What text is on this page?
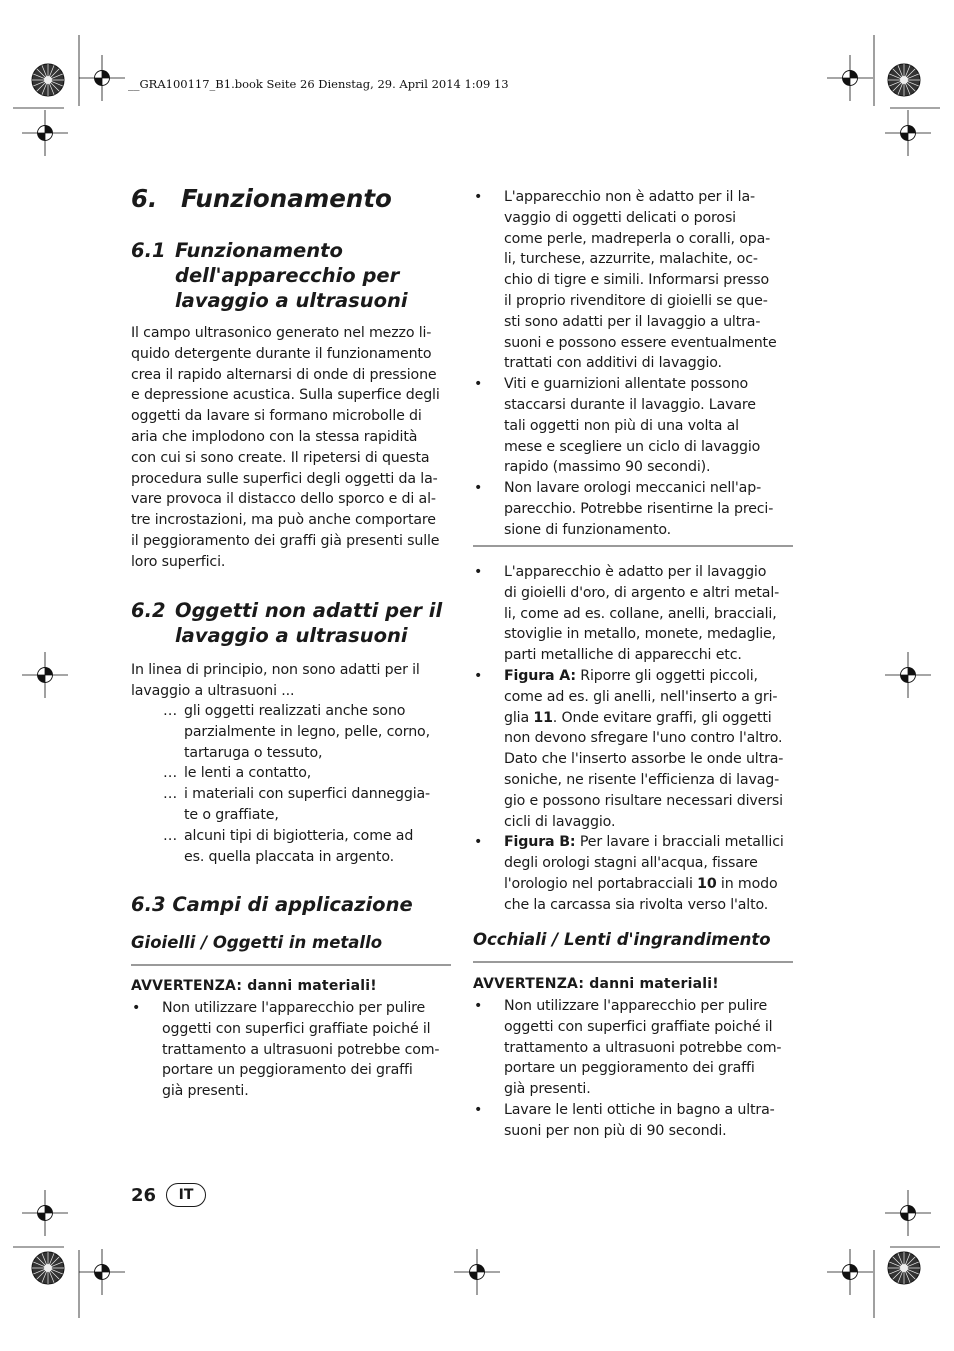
__GRA100117_B1.book Seite 26 Dienstag, 29. April 2014 1:09 13
6. Funzionamento
6.1 Funzionamento dell'apparecchio per lavaggio a ultrasuoni
Il campo ultrasonico generato nel mezzo li-
quido detergente durante il funzionamento
crea il rapido alternarsi di onde di pressione
e depressione acustica. Sulla superfice degli
oggetti da lavare si formano microbolle di
aria che implodono con la stessa rapidità
con cui si sono create. Il ripetersi di questa
procedura sulle superfici degli oggetti da la-
vare provoca il distacco dello sporco e di al-
tre incrostazioni, ma può anche comportare
il peggioramento dei graffi già presenti sulle
loro superfici.
6.2 Oggetti non adatti per il lavaggio a ultrasuoni
In linea di principio, non sono adatti per il
lavaggio a ultrasuoni ...
… gli oggetti realizzati anche sono
parzialmente in legno, pelle, corno,
tartaruga o tessuto,
… le lenti a contatto,
… i materiali con superfici danneggia-
te o graffiate,
… alcuni tipi di bigiotteria, come ad
es. quella placcata in argento.
6.3 Campi di applicazione
Gioielli / Oggetti in metallo
AVVERTENZA: danni materiali!
• Non utilizzare l'apparecchio per pulire
oggetti con superfici graffiate poiché il
trattamento a ultrasuoni potrebbe com-
portare un peggioramento dei graffi
già presenti.
26	IT
• L'apparecchio non è adatto per il la-
vaggio di oggetti delicati o porosi
come perle, madreperla o coralli, opa-
li, turchese, azzurrite, malachite, oc-
chio di tigre e simili. Informarsi presso
il proprio rivenditore di gioielli se que-
sti sono adatti per il lavaggio a ultra-
suoni e possono essere eventualmente
trattati con additivi di lavaggio.
• Viti e guarnizioni allentate possono
staccarsi durante il lavaggio. Lavare
tali oggetti non più di una volta al
mese e scegliere un ciclo di lavaggio
rapido (massimo 90 secondi).
• Non lavare orologi meccanici nell'ap-
parecchio. Potrebbe risentirne la preci-
sione di funzionamento.
• L'apparecchio è adatto per il lavaggio
di gioielli d'oro, di argento e altri metal-
li, come ad es. collane, anelli, bracciali,
stoviglie in metallo, monete, medaglie,
parti metalliche di apparecchi etc.
• Figura A: Riporre gli oggetti piccoli,
come ad es. gli anelli, nell'inserto a gri-
glia 11. Onde evitare graffi, gli oggetti
non devono sfregare l'uno contro l'altro.
Dato che l'inserto assorbe le onde ultra-
soniche, ne risente l'efficienza di lavag-
gio e possono risultare necessari diversi
cicli di lavaggio.
• Figura B: Per lavare i bracciali metallici
degli orologi stagni all'acqua, fissare
l'orologio nel portabracciali 10 in modo
che la carcassa sia rivolta verso l'alto.
Occhiali / Lenti d'ingrandimento
AVVERTENZA: danni materiali!
• Non utilizzare l'apparecchio per pulire
oggetti con superfici graffiate poiché il
trattamento a ultrasuoni potrebbe com-
portare un peggioramento dei graffi
già presenti.
• Lavare le lenti ottiche in bagno a ultra-
suoni per non più di 90 secondi.
